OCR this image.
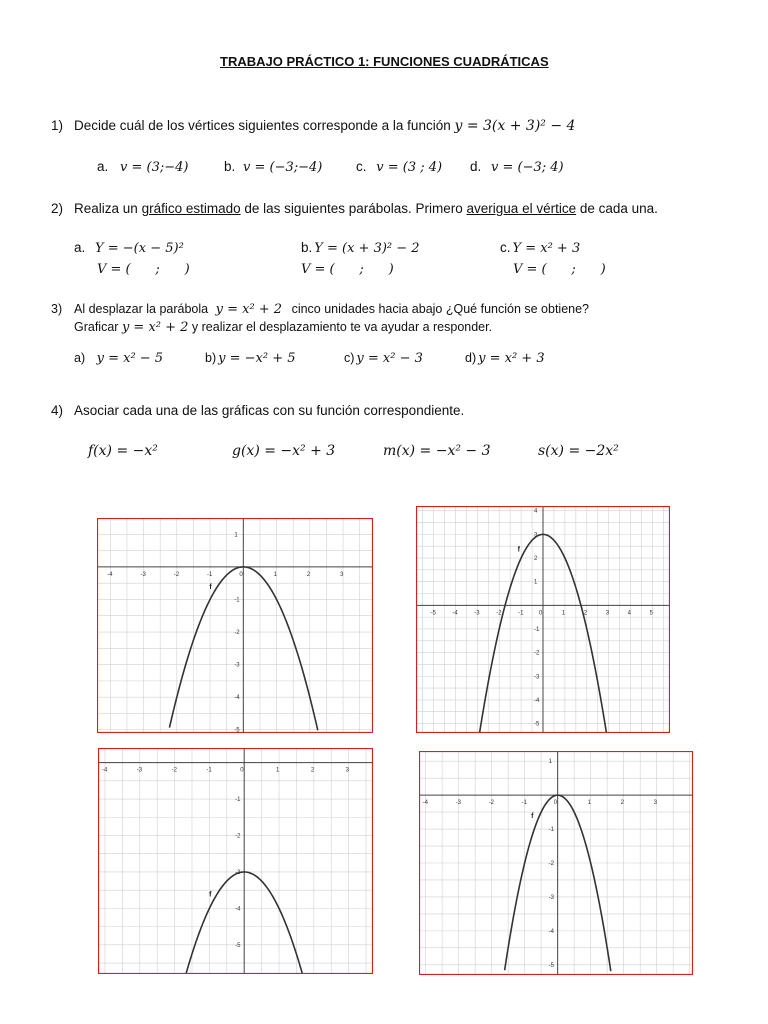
TRABAJO PRÁCTICO 1: FUNCIONES CUADRÁTICAS
1) Decide cuál de los vértices siguientes corresponde a la función y = 3(x + 3)² − 4
a. v = (3;−4)	b. v = (−3;−4) c. v = (3 ; 4) d. v = (−3; 4)
2) Realiza un gráfico estimado de las siguientes parábolas. Primero averigua el vértice de cada una.
a. Y = −(x − 5)²
V = (      ;      )
b. Y = (x + 3)² − 2
V = (      ;      )
c. Y = x² + 3
V = (      ;      )
3) Al desplazar la parábola y = x² + 2 cinco unidades hacia abajo ¿Qué función se obtiene?
Graficar y = x² + 2 y realizar el desplazamiento te va ayudar a responder.
a) y = x² − 5	b) y = −x² + 5	c) y = x² − 3	d) y = x² + 3
4) Asociar cada una de las gráficas con su función correspondiente.
f(x) = −x²	g(x) = −x² + 3	m(x) = −x² − 3	s(x) = −2x²
-4	-3	-2	-1	0	1	2	3
1
-1
-2
-3
-4
-5
f
-5	-4	-3	-2	-1	0	1	2	3	4	5
4
3
2
1
-1
-2
-3
-4
-5
f
-4	-3	-2	-1	0	1	2	3
-1
-2
-3
-4
-5
f
-4	-3	-2	-1	0	1	2	3
1
-1
-2
-3
-4
-5
f
